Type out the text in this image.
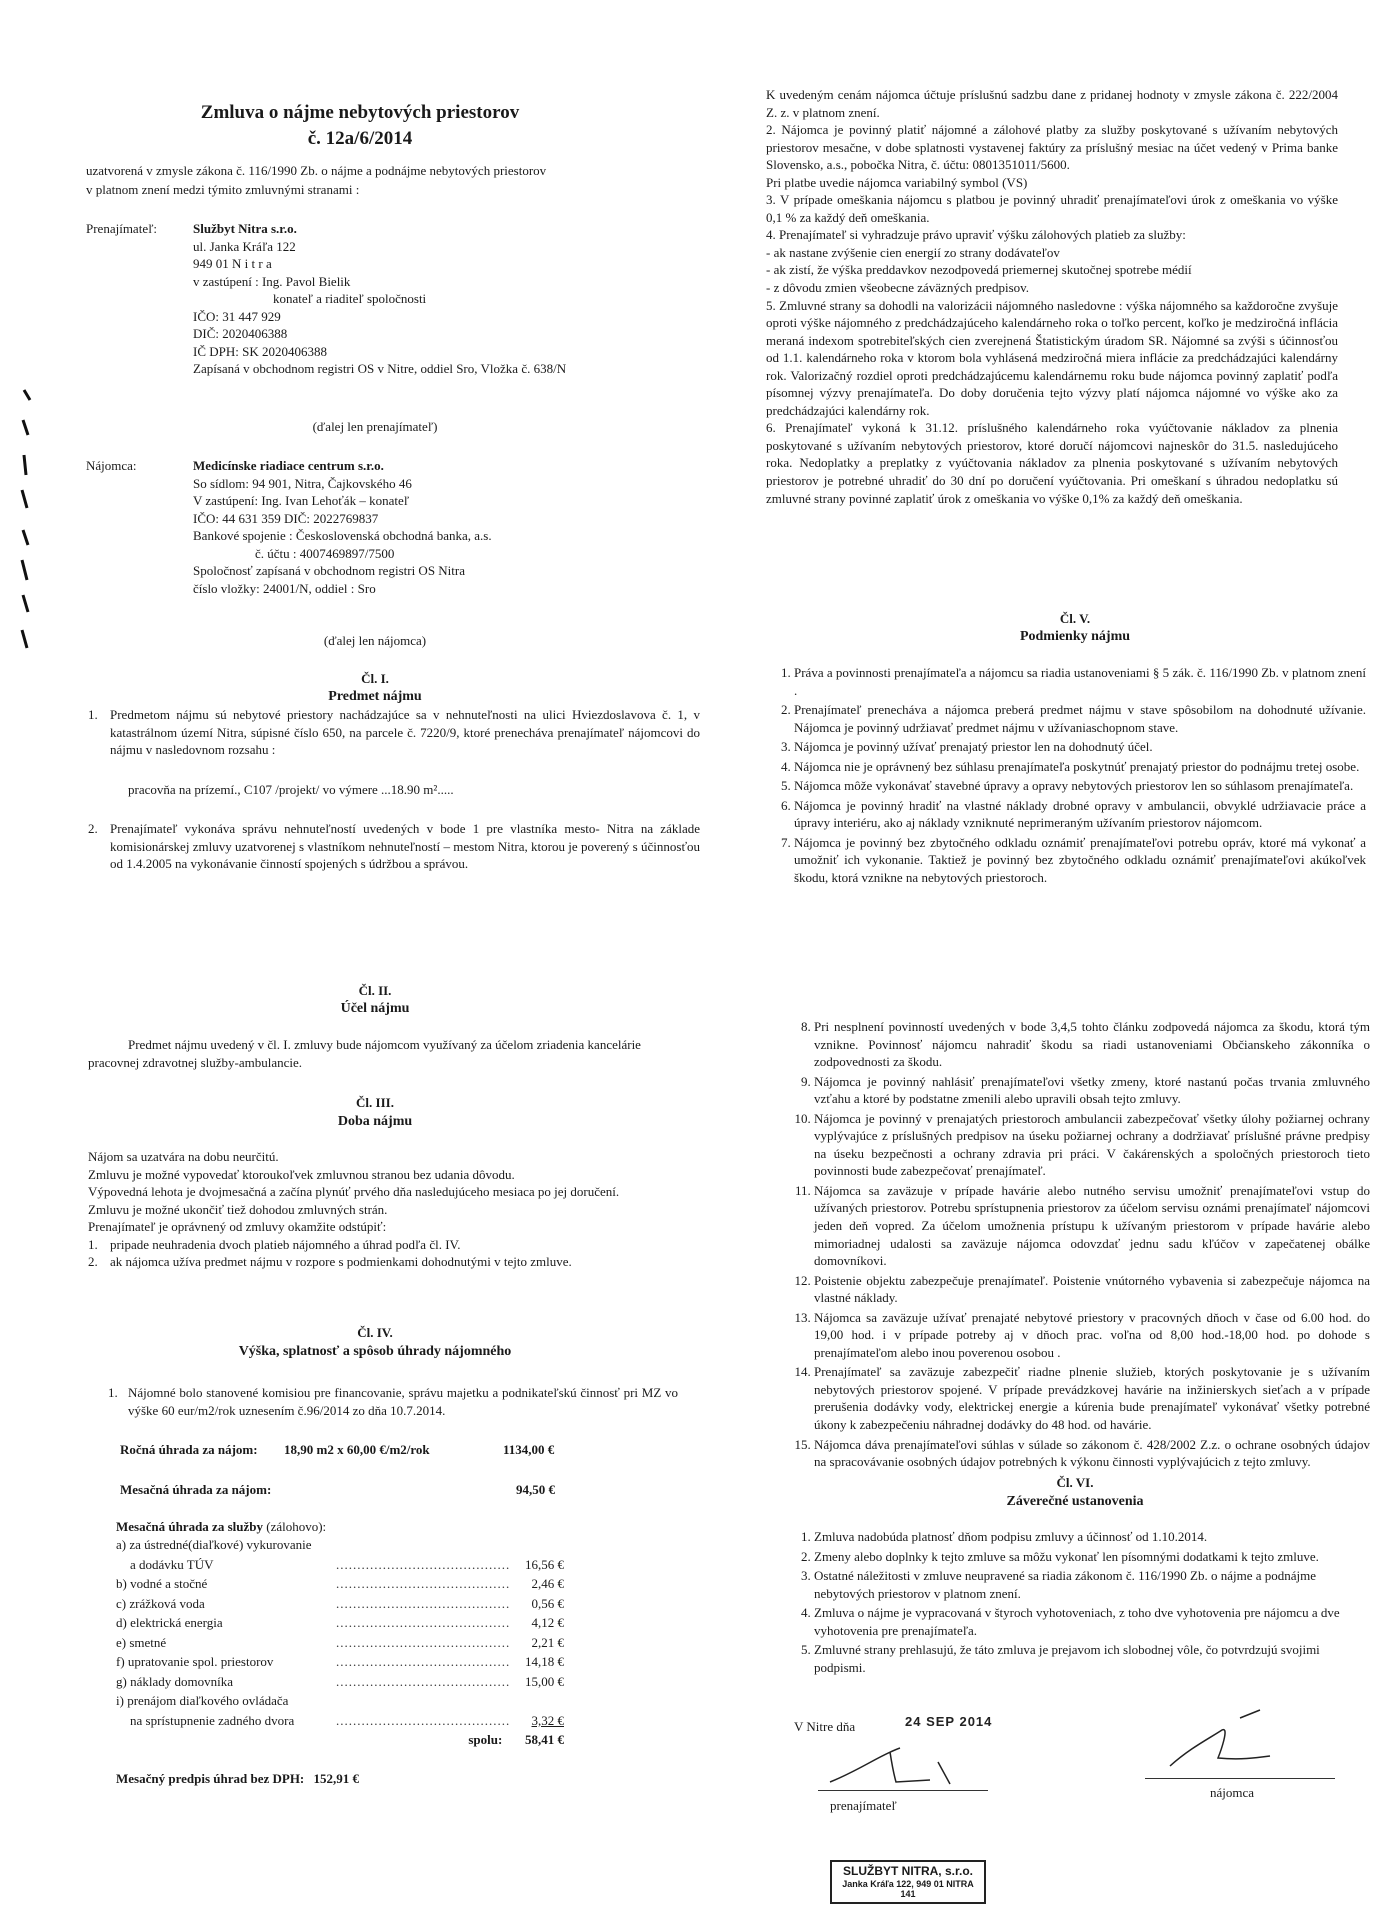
Zmluva o nájme nebytových priestorov
č. 12a/6/2014

uzatvorená v zmysle zákona č. 116/1990 Zb. o nájme a podnájme nebytových priestorov

v platnom znení medzi týmito zmluvnými stranami :

Prenajímateľ:	Službyt Nitra s.r.o.
ul. Janka Kráľa 122
949 01 N i t r a
v zastúpení : Ing. Pavol Bielik
konateľ a riaditeľ spoločnosti
IČO: 31 447 929
DIČ: 2020406388
IČ DPH: SK 2020406388
Zapísaná v obchodnom registri OS v Nitre, oddiel Sro, Vložka č. 638/N
(ďalej len prenajímateľ)
Nájomca:	Medicínske riadiace centrum s.r.o.
So sídlom: 94 901, Nitra, Čajkovského 46
V zastúpení: Ing. Ivan Lehoťák – konateľ
IČO: 44 631 359 DIČ: 2022769837
Bankové spojenie : Československá obchodná banka, a.s.
č. účtu : 4007469897/7500
Spoločnosť zapísaná v obchodnom registri OS Nitra
číslo vložky: 24001/N, oddiel : Sro
(ďalej len nájomca)
Čl. I.
Predmet nájmu
1. Predmetom nájmu sú nebytové priestory nachádzajúce sa v nehnuteľnosti na ulici Hviezdoslavova č. 1, v katastrálnom území Nitra, súpisné číslo 650, na parcele č. 7220/9, ktoré prenecháva prenajímateľ nájomcovi do nájmu v nasledovnom rozsahu :

pracovňa na prízemí., C107 /projekt/ vo výmere ...18.90 m².....

2. Prenajímateľ vykonáva správu nehnuteľností uvedených v bode 1 pre vlastníka mesto- Nitra na základe komisionárskej zmluvy uzatvorenej s vlastníkom nehnuteľností – mestom Nitra, ktorou je poverený s účinnosťou od 1.4.2005 na vykonávanie činností spojených s údržbou a správou.

Čl. II.
Účel nájmu

Predmet nájmu uvedený v čl. I. zmluvy bude nájomcom využívaný za účelom zriadenia kancelárie pracovnej zdravotnej služby-ambulancie.

Čl. III.
Doba nájmu
Nájom sa uzatvára na dobu neurčitú.
Zmluvu je možné vypovedať ktoroukoľvek zmluvnou stranou bez udania dôvodu.
Výpovedná lehota je dvojmesačná a začína plynúť prvého dňa nasledujúceho mesiaca po jej doručení.
Zmluvu je možné ukončiť tiež dohodou zmluvných strán.
Prenajímateľ je oprávnený od zmluvy okamžite odstúpiť:
1. pripade neuhradenia dvoch platieb nájomného a úhrad podľa čl. IV.
2. ak nájomca užíva predmet nájmu v rozpore s podmienkami dohodnutými v tejto zmluve.
Čl. IV.
Výška, splatnosť a spôsob úhrady nájomného
1. Nájomné bolo stanovené komisiou pre financovanie, správu majetku a podnikateľskú činnosť pri MZ vo výške 60 eur/m2/rok uznesením č.96/2014 zo dňa 10.7.2014.

Ročná úhrada za nájom: 18,90 m2 x 60,00 €/m2/rok	1134,00 €
Mesačná úhrada za nájom:	94,50 €
Mesačná úhrada za služby (zálohovo):
a) za ústredné(diaľkové) vykurovanie		
a dodávku TÚV	.........................................	16,56 €
b) vodné a stočné	.........................................	2,46 €
c) zrážková voda	.........................................	0,56 €
d) elektrická energia	.........................................	4,12 €
e) smetné	.........................................	2,21 €
f) upratovanie spol. priestorov	.........................................	14,18 €
g) náklady domovníka	.........................................	15,00 €
i) prenájom diaľkového ovládača		
na sprístupnenie zadného dvora	.........................................	3,32 €
	spolu:	58,41 €
Mesačný predpis úhrad bez DPH: 152,91 €

K uvedeným cenám nájomca účtuje príslušnú sadzbu dane z pridanej hodnoty v zmysle zákona č. 222/2004 Z. z. v platnom znení.

2. Nájomca je povinný platiť nájomné a zálohové platby za služby poskytované s užívaním nebytových priestorov mesačne, v dobe splatnosti vystavenej faktúry za príslušný mesiac na účet vedený v Prima banke Slovensko, a.s., pobočka Nitra, č. účtu: 0801351011/5600.

Pri platbe uvedie nájomca variabilný symbol (VS)

3. V prípade omeškania nájomcu s platbou je povinný uhradiť prenajímateľovi úrok z omeškania vo výške 0,1 % za každý deň omeškania.

4. Prenajímateľ si vyhradzuje právo upraviť výšku zálohových platieb za služby:

- ak nastane zvýšenie cien energií zo strany dodávateľov

- ak zistí, že výška preddavkov nezodpovedá priemernej skutočnej spotrebe médií

- z dôvodu zmien všeobecne záväzných predpisov.

5. Zmluvné strany sa dohodli na valorizácii nájomného nasledovne : výška nájomného sa každoročne zvyšuje oproti výške nájomného z predchádzajúceho kalendárneho roka o toľko percent, koľko je medziročná inflácia meraná indexom spotrebiteľských cien zverejnená Štatistickým úradom SR. Nájomné sa zvýši s účinnosťou od 1.1. kalendárneho roka v ktorom bola vyhlásená medziročná miera inflácie za predchádzajúci kalendárny rok. Valorizačný rozdiel oproti predchádzajúcemu kalendárnemu roku bude nájomca povinný zaplatiť podľa písomnej výzvy prenajímateľa. Do doby doručenia tejto výzvy platí nájomca nájomné vo výške ako za predchádzajúci kalendárny rok.

6. Prenajímateľ vykoná k 31.12. príslušného kalendárneho roka vyúčtovanie nákladov za plnenia poskytované s užívaním nebytových priestorov, ktoré doručí nájomcovi najneskôr do 31.5. nasledujúceho roka. Nedoplatky a preplatky z vyúčtovania nákladov za plnenia poskytované s užívaním nebytových priestorov je potrebné uhradiť do 30 dní po doručení vyúčtovania. Pri omeškaní s úhradou nedoplatku sú zmluvné strany povinné zaplatiť úrok z omeškania vo výške 0,1% za každý deň omeškania.

Čl. V.
Podmienky nájmu
1. Práva a povinnosti prenajímateľa a nájomcu sa riadia ustanoveniami § 5 zák. č. 116/1990 Zb. v platnom znení .
2. Prenajímateľ prenecháva a nájomca preberá predmet nájmu v stave spôsobilom na dohodnuté užívanie. Nájomca je povinný udržiavať predmet nájmu v užívaniaschopnom stave.
3. Nájomca je povinný užívať prenajatý priestor len na dohodnutý účel.
4. Nájomca nie je oprávnený bez súhlasu prenajímateľa poskytnúť prenajatý priestor do podnájmu tretej osobe.
5. Nájomca môže vykonávať stavebné úpravy a opravy nebytových priestorov len so súhlasom prenajímateľa.
6. Nájomca je povinný hradiť na vlastné náklady drobné opravy v ambulancii, obvyklé udržiavacie práce a úpravy interiéru, ako aj náklady vzniknuté neprimeraným užívaním priestorov nájomcom.
7. Nájomca je povinný bez zbytočného odkladu oznámiť prenajímateľovi potrebu opráv, ktoré má vykonať a umožniť ich vykonanie. Taktiež je povinný bez zbytočného odkladu oznámiť prenajímateľovi akúkoľvek škodu, ktorá vznikne na nebytových priestoroch.
8. Pri nesplnení povinností uvedených v bode 3,4,5 tohto článku zodpovedá nájomca za škodu, ktorá tým vznikne. Povinnosť nájomcu nahradiť škodu sa riadi ustanoveniami Občianskeho zákonníka o zodpovednosti za škodu.
9. Nájomca je povinný nahlásiť prenajímateľovi všetky zmeny, ktoré nastanú počas trvania zmluvného vzťahu a ktoré by podstatne zmenili alebo upravili obsah tejto zmluvy.
10. Nájomca je povinný v prenajatých priestoroch ambulancii zabezpečovať všetky úlohy požiarnej ochrany vyplývajúce z príslušných predpisov na úseku požiarnej ochrany a dodržiavať príslušné právne predpisy na úseku bezpečnosti a ochrany zdravia pri práci. V čakárenských a spoločných priestoroch tieto povinnosti bude zabezpečovať prenajímateľ.
11. Nájomca sa zaväzuje v prípade havárie alebo nutného servisu umožniť prenajímateľovi vstup do užívaných priestorov. Potrebu sprístupnenia priestorov za účelom servisu oznámi prenajímateľ nájomcovi jeden deň vopred. Za účelom umožnenia prístupu k užívaným priestorom v prípade havárie alebo mimoriadnej udalosti sa zaväzuje nájomca odovzdať jednu sadu kľúčov v zapečatenej obálke domovníkovi.
12. Poistenie objektu zabezpečuje prenajímateľ. Poistenie vnútorného vybavenia si zabezpečuje nájomca na vlastné náklady.
13. Nájomca sa zaväzuje užívať prenajaté nebytové priestory v pracovných dňoch v čase od 6.00 hod. do 19,00 hod. i v prípade potreby aj v dňoch prac. voľna od 8,00 hod.-18,00 hod. po dohode s prenajímateľom alebo inou poverenou osobou .
14. Prenajímateľ sa zaväzuje zabezpečiť riadne plnenie služieb, ktorých poskytovanie je s užívaním nebytových priestorov spojené. V prípade prevádzkovej havárie na inžinierskych sieťach a v prípade prerušenia dodávky vody, elektrickej energie a kúrenia bude prenajímateľ vykonávať všetky potrebné úkony k zabezpečeniu náhradnej dodávky do 48 hod. od havárie.
15. Nájomca dáva prenajímateľovi súhlas v súlade so zákonom č. 428/2002 Z.z. o ochrane osobných údajov na spracovávanie osobných údajov potrebných k výkonu činnosti vyplývajúcich z tejto zmluvy.
Čl. VI.
Záverečné ustanovenia
1. Zmluva nadobúda platnosť dňom podpisu zmluvy a účinnosť od 1.10.2014.
2. Zmeny alebo doplnky k tejto zmluve sa môžu vykonať len písomnými dodatkami k tejto zmluve.
3. Ostatné náležitosti v zmluve neupravené sa riadia zákonom č. 116/1990 Zb. o nájme a podnájme nebytových priestorov v platnom znení.
4. Zmluva o nájme je vypracovaná v štyroch vyhotoveniach, z toho dve vyhotovenia pre nájomcu a dve vyhotovenia pre prenajímateľa.
5. Zmluvné strany prehlasujú, že táto zmluva je prejavom ich slobodnej vôle, čo potvrdzujú svojimi podpismi.
V Nitre dňa	24 SEP 2014
prenajímateľ
nájomca
SLUŽBYT NITRA, s.r.o.
Janka Kráľa 122, 949 01 NITRA
141
